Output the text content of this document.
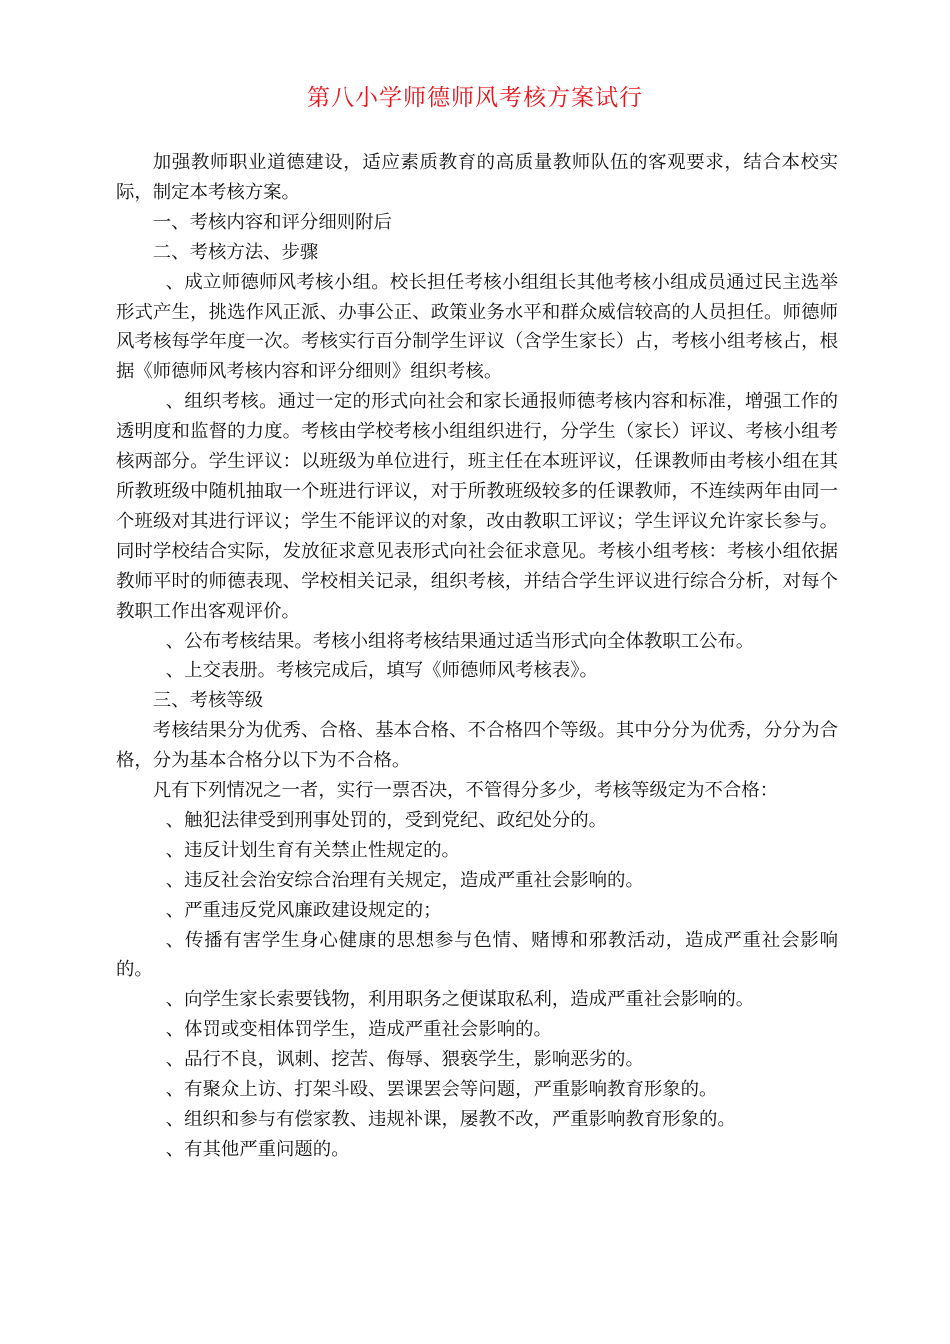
第八小学师德师风考核方案试行

加强教师职业道德建设，适应素质教育的高质量教师队伍的客观要求，结合本校实际，制定本考核方案。

一、考核内容和评分细则附后

二、考核方法、步骤

、成立师德师风考核小组。校长担任考核小组组长其他考核小组成员通过民主选举形式产生，挑选作风正派、办事公正、政策业务水平和群众威信较高的人员担任。师德师风考核每学年度一次。考核实行百分制学生评议（含学生家长）占，考核小组考核占，根据《师德师风考核内容和评分细则》组织考核。

、组织考核。通过一定的形式向社会和家长通报师德考核内容和标准，增强工作的透明度和监督的力度。考核由学校考核小组组织进行，分学生（家长）评议、考核小组考核两部分。学生评议：以班级为单位进行，班主任在本班评议，任课教师由考核小组在其所教班级中随机抽取一个班进行评议，对于所教班级较多的任课教师，不连续两年由同一个班级对其进行评议；学生不能评议的对象，改由教职工评议；学生评议允许家长参与。同时学校结合实际，发放征求意见表形式向社会征求意见。考核小组考核：考核小组依据教师平时的师德表现、学校相关记录，组织考核，并结合学生评议进行综合分析，对每个教职工作出客观评价。

、公布考核结果。考核小组将考核结果通过适当形式向全体教职工公布。

、上交表册。考核完成后，填写《师德师风考核表》。

三、考核等级

考核结果分为优秀、合格、基本合格、不合格四个等级。其中分分为优秀，分分为合格，分为基本合格分以下为不合格。

凡有下列情况之一者，实行一票否决，不管得分多少，考核等级定为不合格：

、触犯法律受到刑事处罚的，受到党纪、政纪处分的。

、违反计划生育有关禁止性规定的。

、违反社会治安综合治理有关规定，造成严重社会影响的。

、严重违反党风廉政建设规定的；

、传播有害学生身心健康的思想参与色情、赌博和邪教活动，造成严重社会影响的。

、向学生家长索要钱物，利用职务之便谋取私利，造成严重社会影响的。

、体罚或变相体罚学生，造成严重社会影响的。

、品行不良，讽刺、挖苦、侮辱、猥亵学生，影响恶劣的。

、有聚众上访、打架斗殴、罢课罢会等问题，严重影响教育形象的。

、组织和参与有偿家教、违规补课，屡教不改，严重影响教育形象的。

、有其他严重问题的。
